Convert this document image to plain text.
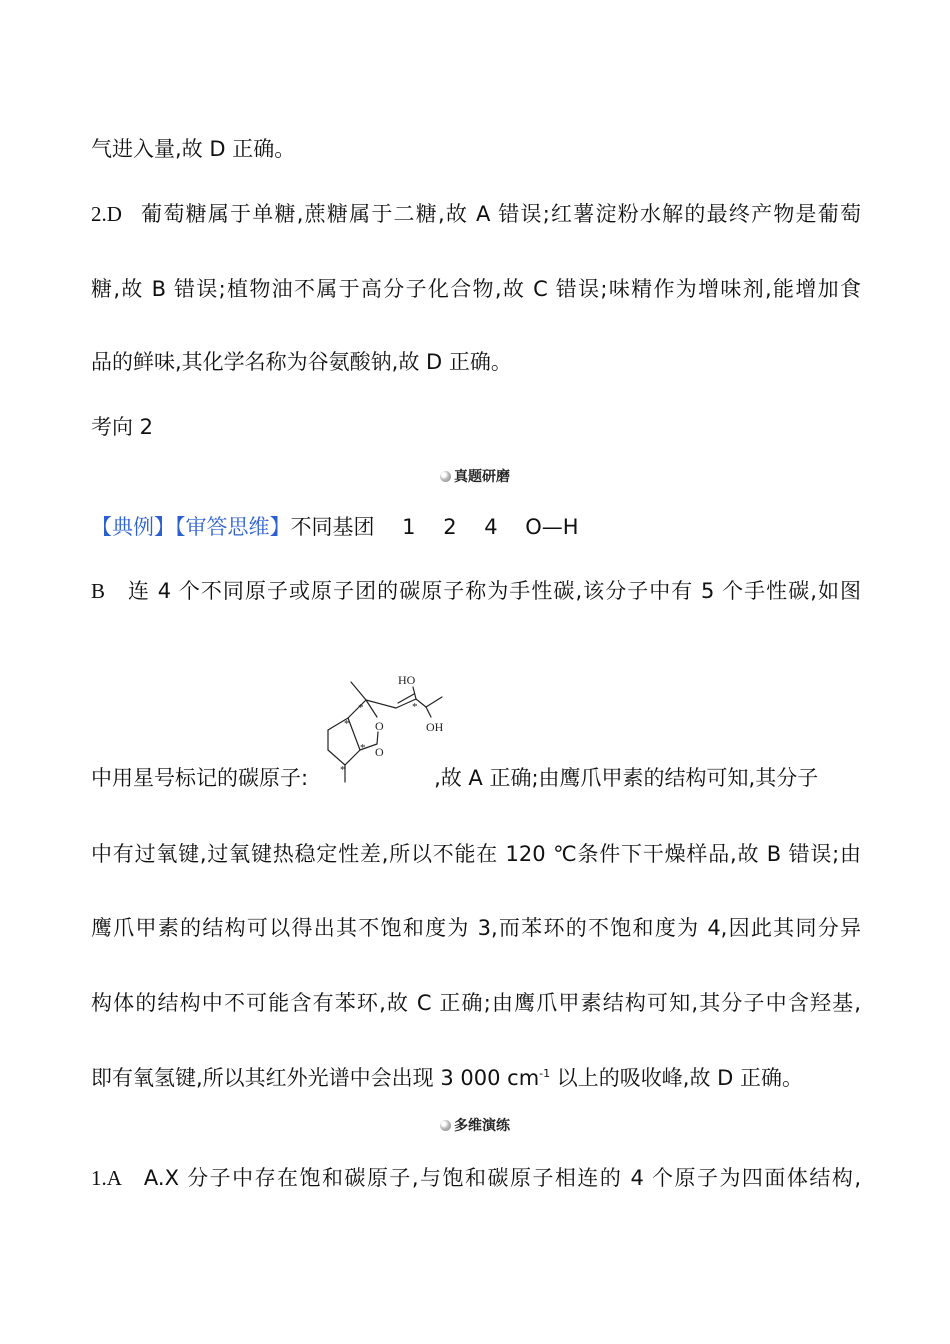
气进入量,故 D 正确。
2.D 葡萄糖属于单糖,蔗糖属于二糖,故 A 错误;红薯淀粉水解的最终产物是葡萄
糖,故 B 错误;植物油不属于高分子化合物,故 C 错误;味精作为增味剂,能增加食
品的鲜味,其化学名称为谷氨酸钠,故 D 正确。
考向 2
真题研磨
【典例】【审答思维】不同基团　 1　 2　 4　 O—H
B 连 4 个不同原子或原子团的碳原子称为手性碳,该分子中有 5 个手性碳,如图
HO
OH
O
O
*
*
*
*
*
中用星号标记的碳原子:	,故 A 正确;由鹰爪甲素的结构可知,其分子
中有过氧键,过氧键热稳定性差,所以不能在 120 ℃条件下干燥样品,故 B 错误;由
鹰爪甲素的结构可以得出其不饱和度为 3,而苯环的不饱和度为 4,因此其同分异
构体的结构中不可能含有苯环,故 C 正确;由鹰爪甲素结构可知,其分子中含羟基,
即有氧氢键,所以其红外光谱中会出现 3 000 $cm^{-1}$ 以上的吸收峰,故 D 正确。
多维演练
1.A A.X 分子中存在饱和碳原子,与饱和碳原子相连的 4 个原子为四面体结构,
